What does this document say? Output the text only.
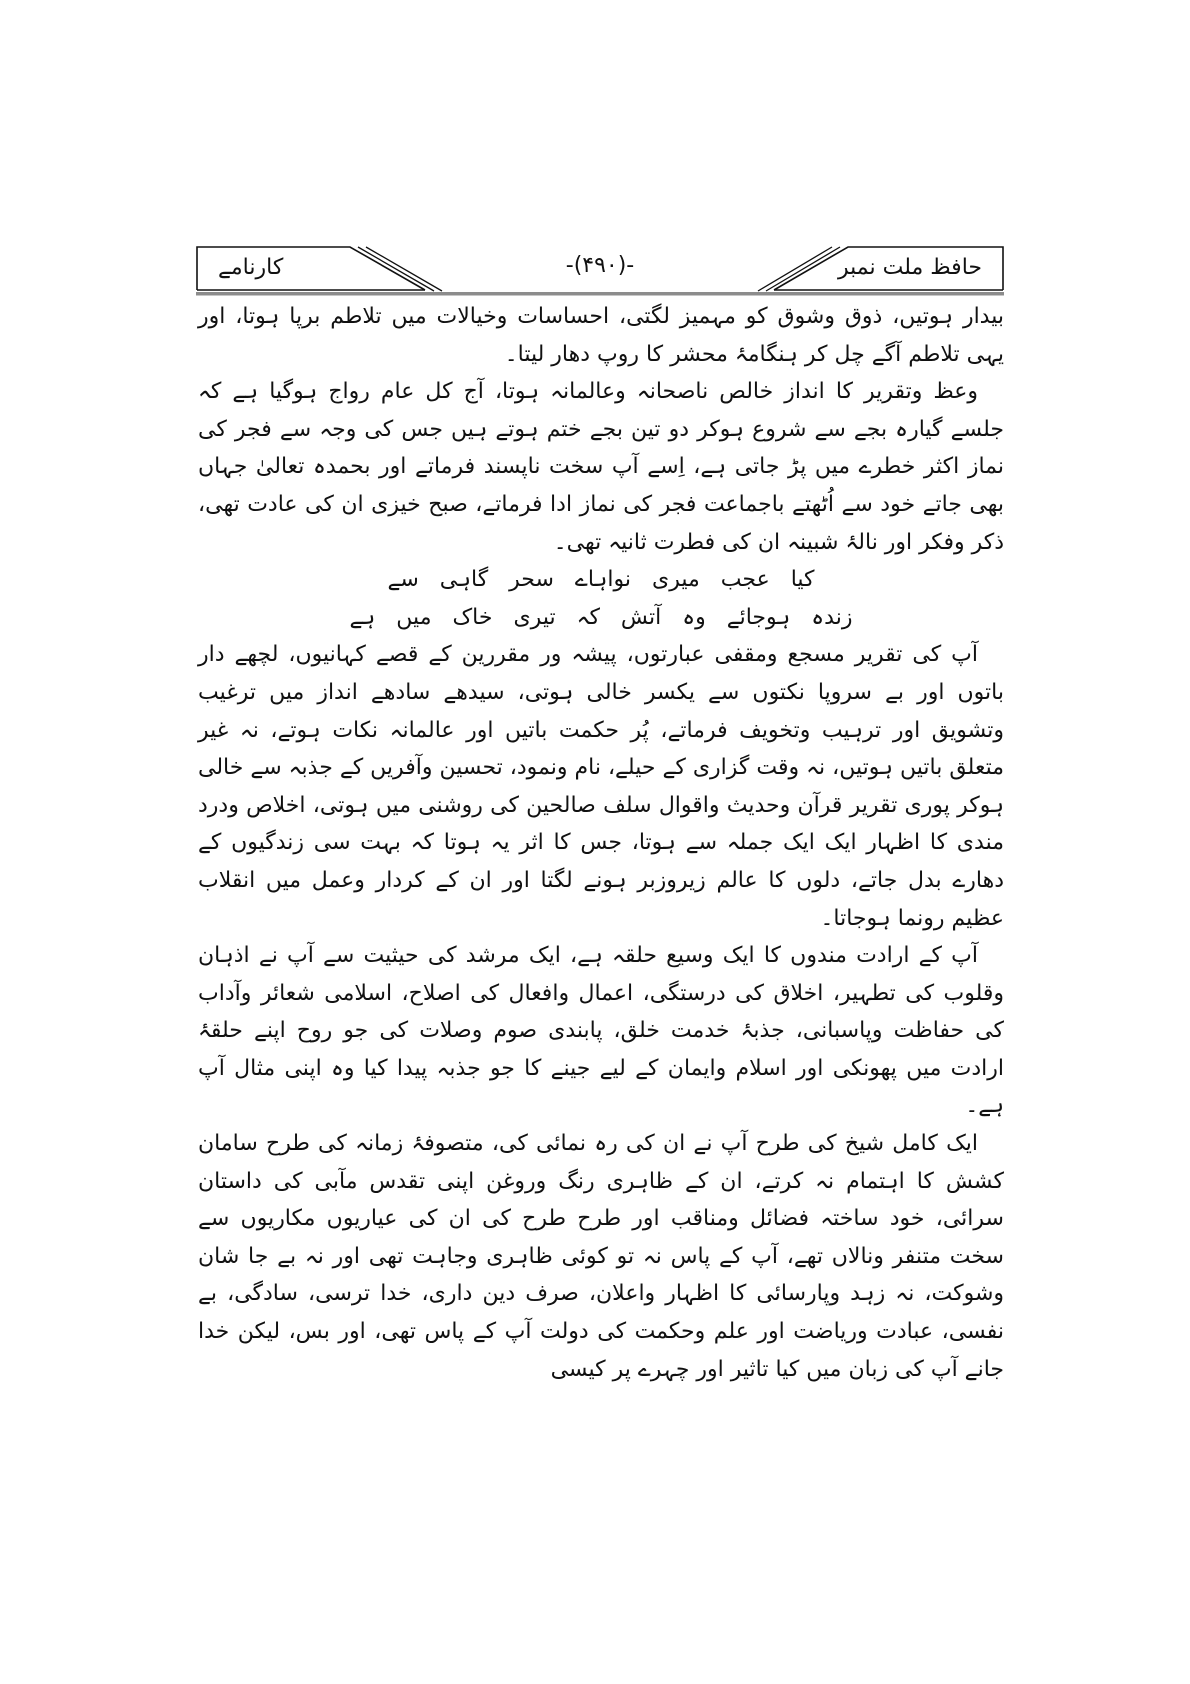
کارنامے	-(۴۹۰)-	حافظ ملت نمبر

بیدار ہوتیں، ذوق وشوق کو مہمیز لگتی، احساسات وخیالات میں تلاطم برپا ہوتا، اور یہی تلاطم آگے چل کر ہنگامۂ محشر کا روپ دھار لیتا۔

وعظ وتقریر کا انداز خالص ناصحانہ وعالمانہ ہوتا، آج کل عام رواج ہوگیا ہے کہ جلسے گیارہ بجے سے شروع ہوکر دو تین بجے ختم ہوتے ہیں جس کی وجہ سے فجر کی نماز اکثر خطرے میں پڑ جاتی ہے، اِسے آپ سخت ناپسند فرماتے اور بحمدہ تعالیٰ جہاں بھی جاتے خود سے اُٹھتے باجماعت فجر کی نماز ادا فرماتے، صبح خیزی ان کی عادت تھی، ذکر وفکر اور نالۂ شبینہ ان کی فطرت ثانیہ تھی۔

کیا عجب میری نواہاے سحر گاہی سے

زندہ ہوجائے وہ آتش کہ تیری خاک میں ہے

آپ کی تقریر مسجع ومقفی عبارتوں، پیشہ ور مقررین کے قصے کہانیوں، لچھے دار باتوں اور بے سروپا نکتوں سے یکسر خالی ہوتی، سیدھے سادھے انداز میں ترغیب وتشویق اور ترہیب وتخویف فرماتے، پُر حکمت باتیں اور عالمانہ نکات ہوتے، نہ غیر متعلق باتیں ہوتیں، نہ وقت گزاری کے حیلے، نام ونمود، تحسین وآفریں کے جذبہ سے خالی ہوکر پوری تقریر قرآن وحدیث واقوال سلف صالحین کی روشنی میں ہوتی، اخلاص ودرد مندی کا اظہار ایک ایک جملہ سے ہوتا، جس کا اثر یہ ہوتا کہ بہت سی زندگیوں کے دھارے بدل جاتے، دلوں کا عالم زیروزبر ہونے لگتا اور ان کے کردار وعمل میں انقلاب عظیم رونما ہوجاتا۔

آپ کے ارادت مندوں کا ایک وسیع حلقہ ہے، ایک مرشد کی حیثیت سے آپ نے اذہان وقلوب کی تطہیر، اخلاق کی درستگی، اعمال وافعال کی اصلاح، اسلامی شعائر وآداب کی حفاظت وپاسبانی، جذبۂ خدمت خلق، پابندی صوم وصلات کی جو روح اپنے حلقۂ ارادت میں پھونکی اور اسلام وایمان کے لیے جینے کا جو جذبہ پیدا کیا وہ اپنی مثال آپ ہے۔

ایک کامل شیخ کی طرح آپ نے ان کی رہ نمائی کی، متصوفۂ زمانہ کی طرح سامان کشش کا اہتمام نہ کرتے، ان کے ظاہری رنگ وروغن اپنی تقدس مآبی کی داستان سرائی، خود ساختہ فضائل ومناقب اور طرح طرح کی ان کی عیاریوں مکاریوں سے سخت متنفر ونالاں تھے، آپ کے پاس نہ تو کوئی ظاہری وجاہت تھی اور نہ بے جا شان وشوکت، نہ زہد وپارسائی کا اظہار واعلان، صرف دین داری، خدا ترسی، سادگی، بے نفسی، عبادت وریاضت اور علم وحکمت کی دولت آپ کے پاس تھی، اور بس، لیکن خدا جانے آپ کی زبان میں کیا تاثیر اور چہرے پر کیسی
